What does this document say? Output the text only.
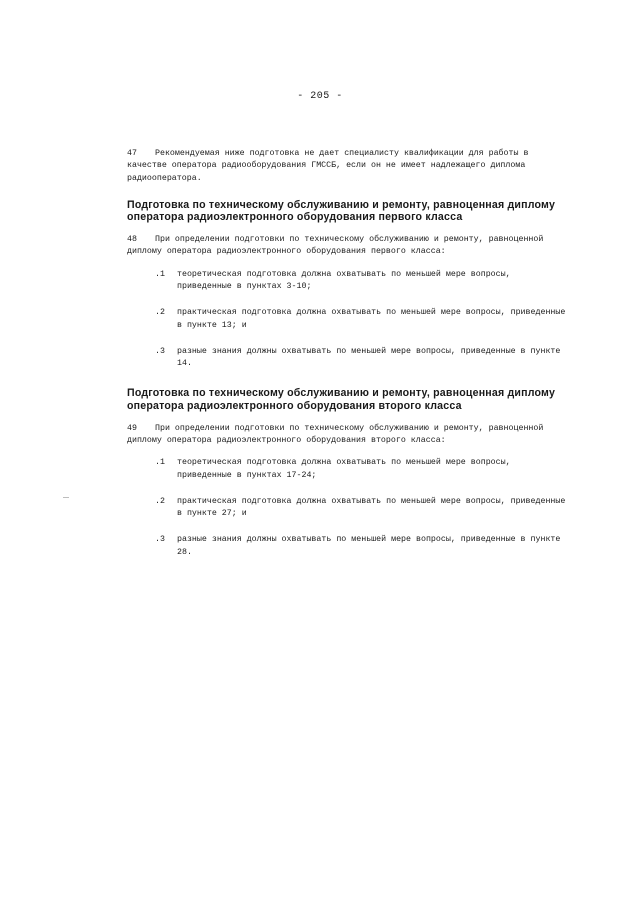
- 205 -

47 Рекомендуемая ниже подготовка не дает специалисту квалификации для работы в качестве оператора радиооборудования ГМССБ, если он не имеет надлежащего диплома радиооператора.

Подготовка по техническому обслуживанию и ремонту, равноценная диплому оператора радиоэлектронного оборудования первого класса

48 При определении подготовки по техническому обслуживанию и ремонту, равноценной диплому оператора радиоэлектронного оборудования первого класса:

.1 теоретическая подготовка должна охватывать по меньшей мере вопросы, приведенные в пунктах 3-10;
.2 практическая подготовка должна охватывать по меньшей мере вопросы, приведенные в пункте 13; и
.3 разные знания должны охватывать по меньшей мере вопросы, приведенные в пункте 14.
Подготовка по техническому обслуживанию и ремонту, равноценная диплому оператора радиоэлектронного оборудования второго класса

49 При определении подготовки по техническому обслуживанию и ремонту, равноценной диплому оператора радиоэлектронного оборудования второго класса:

.1 теоретическая подготовка должна охватывать по меньшей мере вопросы, приведенные в пунктах 17-24;
.2 практическая подготовка должна охватывать по меньшей мере вопросы, приведенные в пункте 27; и
.3 разные знания должны охватывать по меньшей мере вопросы, приведенные в пункте 28.
